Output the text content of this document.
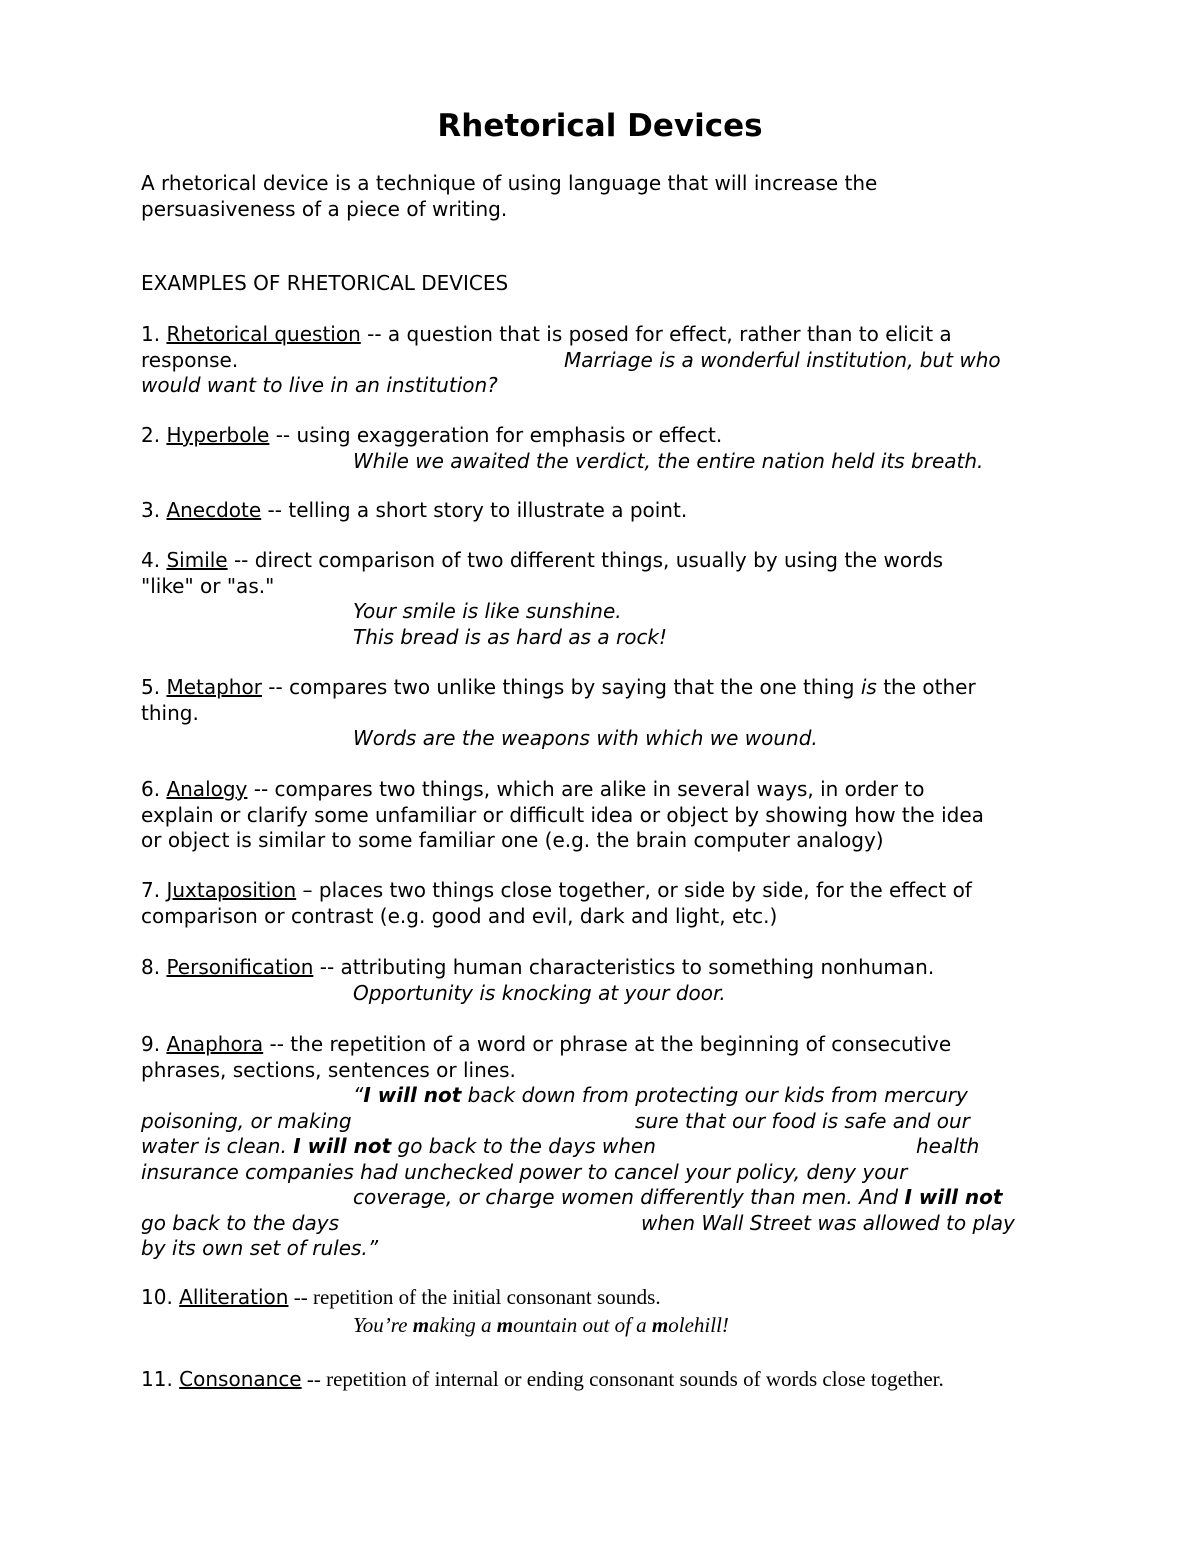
Rhetorical Devices
A rhetorical device is a technique of using language that will increase the
persuasiveness of a piece of writing.
EXAMPLES OF RHETORICAL DEVICES
1. Rhetorical question -- a question that is posed for effect, rather than to elicit a
response.	Marriage is a wonderful institution, but who
would want to live in an institution?
2. Hyperbole -- using exaggeration for emphasis or effect.
While we awaited the verdict, the entire nation held its breath.
3. Anecdote -- telling a short story to illustrate a point.
4. Simile -- direct comparison of two different things, usually by using the words
"like" or "as."
Your smile is like sunshine.
This bread is as hard as a rock!
5. Metaphor -- compares two unlike things by saying that the one thing is the other
thing.
Words are the weapons with which we wound.
6. Analogy -- compares two things, which are alike in several ways, in order to
explain or clarify some unfamiliar or difficult idea or object by showing how the idea
or object is similar to some familiar one (e.g. the brain computer analogy)
7. Juxtaposition – places two things close together, or side by side, for the effect of
comparison or contrast (e.g. good and evil, dark and light, etc.)
8. Personification -- attributing human characteristics to something nonhuman.
Opportunity is knocking at your door.
9. Anaphora -- the repetition of a word or phrase at the beginning of consecutive
phrases, sections, sentences or lines.
“I will not back down from protecting our kids from mercury
poisoning, or making	sure that our food is safe and our
water is clean. I will not go back to the days when	health
insurance companies had unchecked power to cancel your policy, deny your
coverage, or charge women differently than men. And I will not
go back to the days	when Wall Street was allowed to play
by its own set of rules.”
10. Alliteration -- repetition of the initial consonant sounds.
You’re making a mountain out of a molehill!
11. Consonance -- repetition of internal or ending consonant sounds of words close together.
